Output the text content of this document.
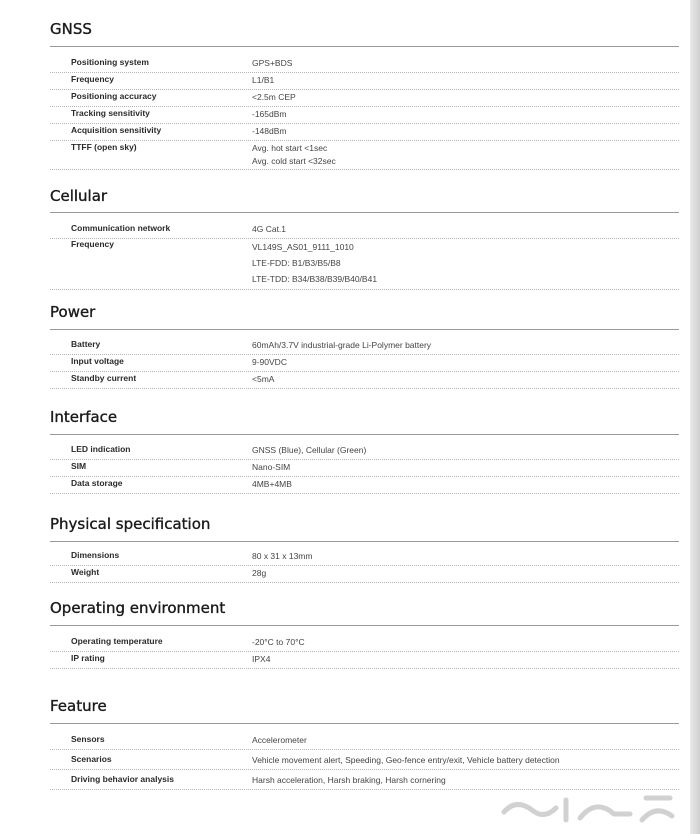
GNSS
Positioning system	GPS+BDS
Frequency	L1/B1
Positioning accuracy	<2.5m CEP
Tracking sensitivity	-165dBm
Acquisition sensitivity	-148dBm
TTFF (open sky)	Avg. hot start <1sec
Avg. cold start <32sec
Cellular
Communication network	4G Cat.1
Frequency	VL149S_AS01_9111_1010
LTE-FDD: B1/B3/B5/B8
LTE-TDD: B34/B38/B39/B40/B41
Power
Battery	60mAh/3.7V industrial-grade Li-Polymer battery
Input voltage	9-90VDC
Standby current	<5mA
Interface
LED indication	GNSS (Blue), Cellular (Green)
SIM	Nano-SIM
Data storage	4MB+4MB
Physical specification
Dimensions	80 x 31 x 13mm
Weight	28g
Operating environment
Operating temperature	-20°C to 70°C
IP rating	IPX4
Feature
Sensors	Accelerometer
Scenarios	Vehicle movement alert, Speeding, Geo-fence entry/exit, Vehicle battery detection
Driving behavior analysis	Harsh acceleration, Harsh braking, Harsh cornering
